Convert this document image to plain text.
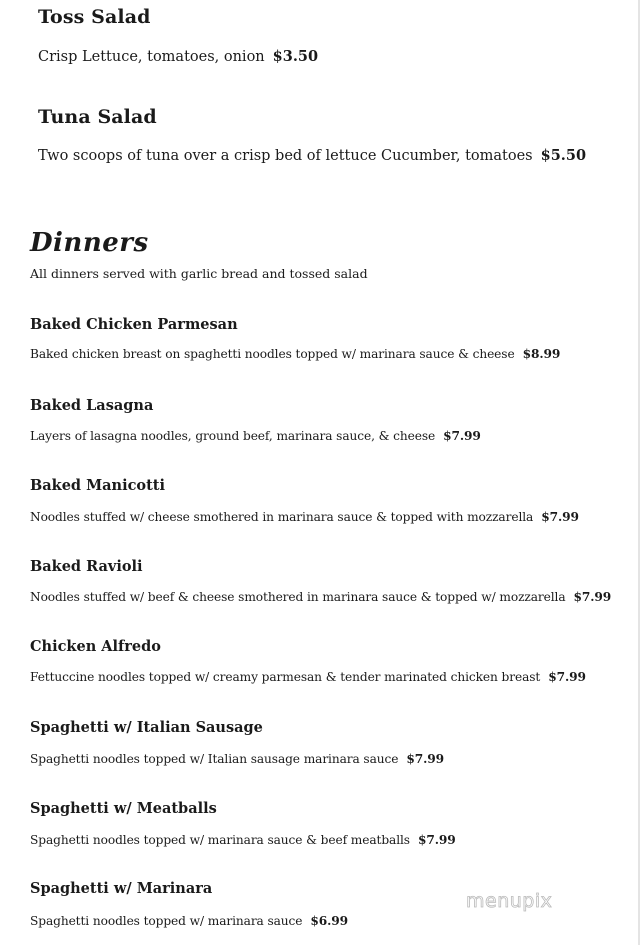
Toss Salad
Crisp Lettuce, tomatoes, onion $3.50
Tuna Salad
Two scoops of tuna over a crisp bed of lettuce Cucumber, tomatoes $5.50
Dinners
All dinners served with garlic bread and tossed salad
Baked Chicken Parmesan
Baked chicken breast on spaghetti noodles topped w/ marinara sauce & cheese $8.99
Baked Lasagna
Layers of lasagna noodles, ground beef, marinara sauce, & cheese $7.99
Baked Manicotti
Noodles stuffed w/ cheese smothered in marinara sauce & topped with mozzarella $7.99
Baked Ravioli
Noodles stuffed w/ beef & cheese smothered in marinara sauce & topped w/ mozzarella $7.99
Chicken Alfredo
Fettuccine noodles topped w/ creamy parmesan & tender marinated chicken breast $7.99
Spaghetti w/ Italian Sausage
Spaghetti noodles topped w/ Italian sausage marinara sauce $7.99
Spaghetti w/ Meatballs
Spaghetti noodles topped w/ marinara sauce & beef meatballs $7.99
Spaghetti w/ Marinara
Spaghetti noodles topped w/ marinara sauce $6.99
menupix
